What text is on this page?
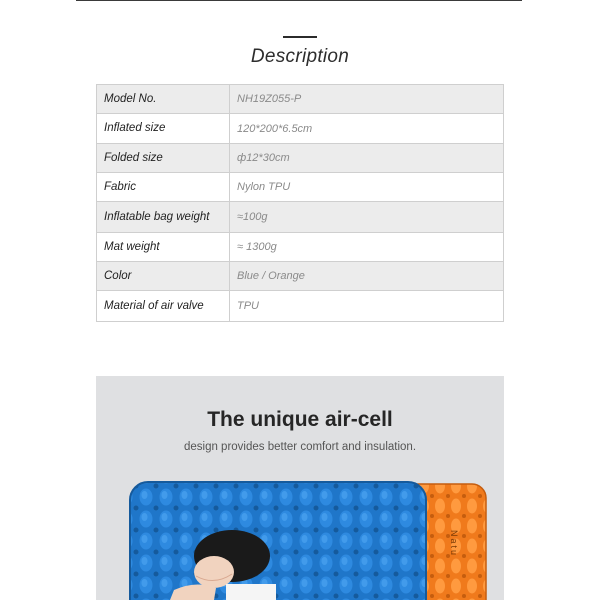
Description
Model No.	NH19Z055-P
Inflated size	120*200*6.5cm
Folded size	ф12*30cm
Fabric	Nylon TPU
Inflatable bag weight	≈100g
Mat weight	≈ 1300g
Color	Blue / Orange
Material of air valve	TPU
The unique air-cell
design provides better comfort and insulation.
Natu
